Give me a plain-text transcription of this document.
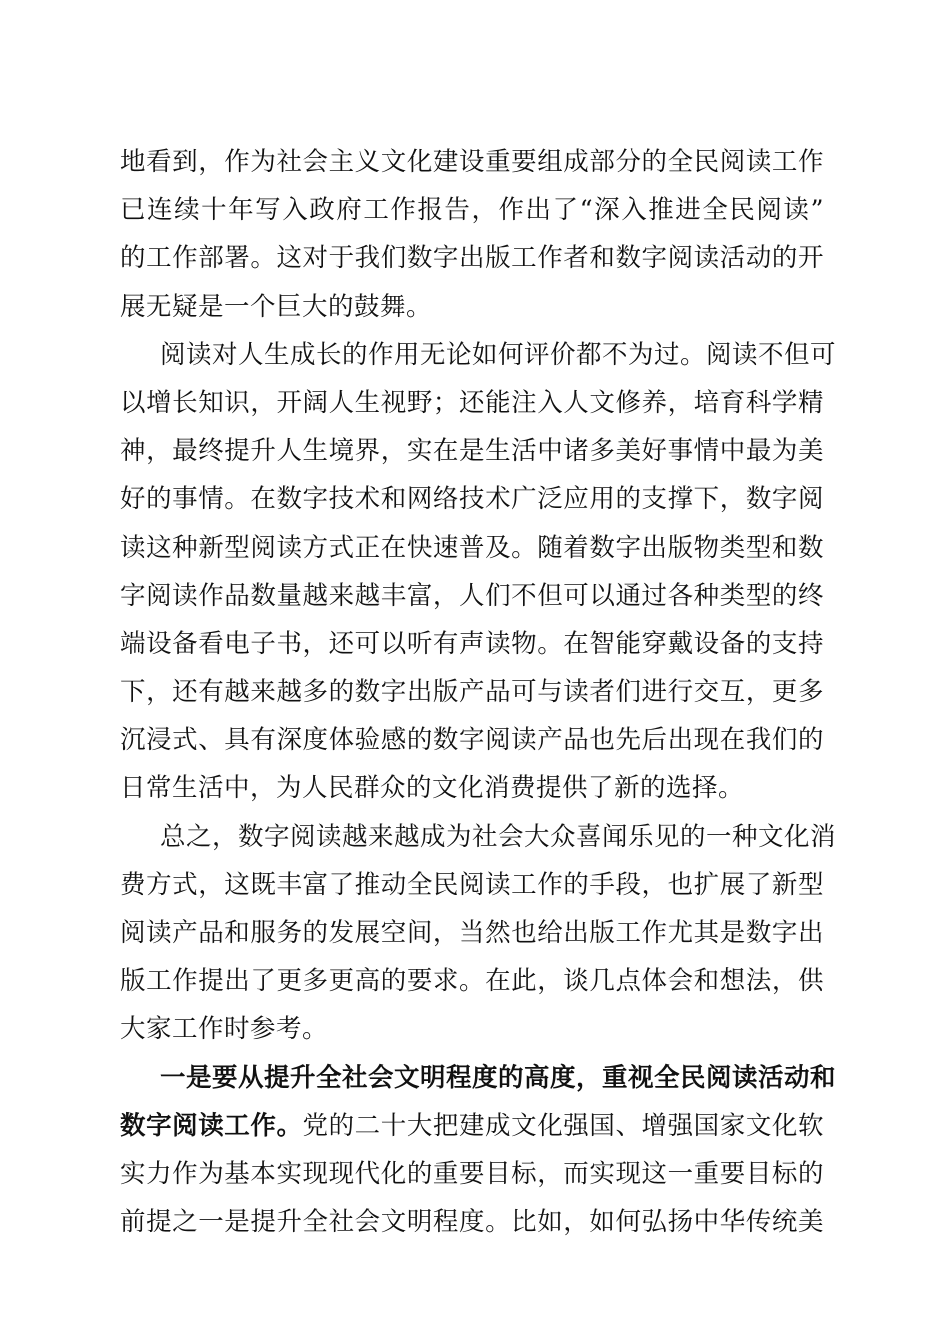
地看到，作为社会主义文化建设重要组成部分的全民阅读工作
已连续十年写入政府工作报告，作出了“深入推进全民阅读”
的工作部署。这对于我们数字出版工作者和数字阅读活动的开
展无疑是一个巨大的鼓舞。
阅读对人生成长的作用无论如何评价都不为过。阅读不但可
以增长知识，开阔人生视野；还能注入人文修养，培育科学精
神，最终提升人生境界，实在是生活中诸多美好事情中最为美
好的事情。在数字技术和网络技术广泛应用的支撑下，数字阅
读这种新型阅读方式正在快速普及。随着数字出版物类型和数
字阅读作品数量越来越丰富，人们不但可以通过各种类型的终
端设备看电子书，还可以听有声读物。在智能穿戴设备的支持
下，还有越来越多的数字出版产品可与读者们进行交互，更多
沉浸式、具有深度体验感的数字阅读产品也先后出现在我们的
日常生活中，为人民群众的文化消费提供了新的选择。
总之，数字阅读越来越成为社会大众喜闻乐见的一种文化消
费方式，这既丰富了推动全民阅读工作的手段，也扩展了新型
阅读产品和服务的发展空间，当然也给出版工作尤其是数字出
版工作提出了更多更高的要求。在此，谈几点体会和想法，供
大家工作时参考。
一是要从提升全社会文明程度的高度，重视全民阅读活动和
数字阅读工作。党的二十大把建成文化强国、增强国家文化软
实力作为基本实现现代化的重要目标，而实现这一重要目标的
前提之一是提升全社会文明程度。比如，如何弘扬中华传统美
